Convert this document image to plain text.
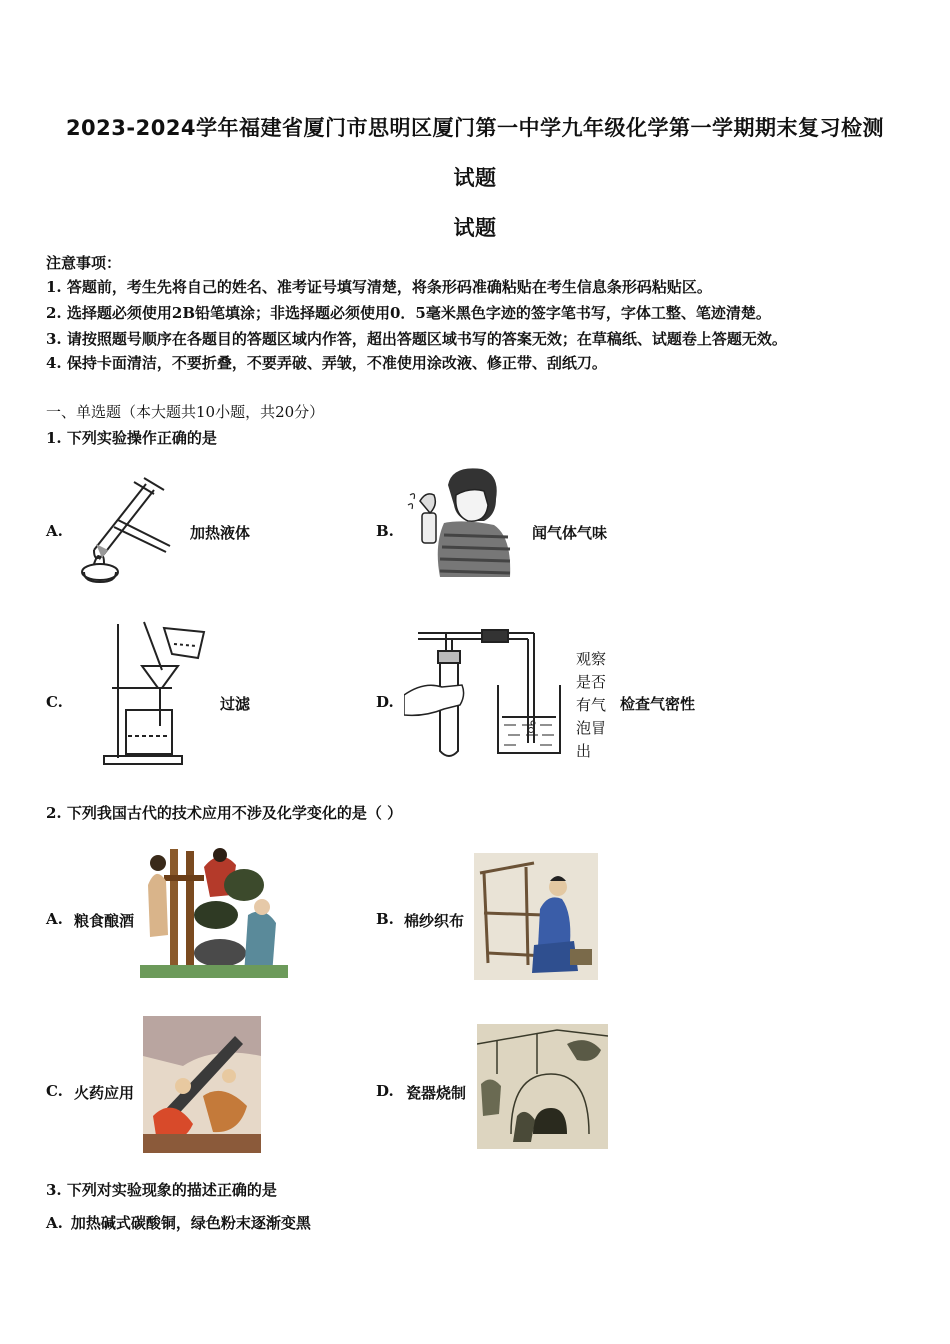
2023-2024学年福建省厦门市思明区厦门第一中学九年级化学第一学期期末复习检测
试题
试题
注意事项：
1. 答题前，考生先将自己的姓名、准考证号填写清楚，将条形码准确粘贴在考生信息条形码粘贴区。
2. 选择题必须使用2B铅笔填涂；非选择题必须使用0．5毫米黑色字迹的签字笔书写，字体工整、笔迹清楚。
3. 请按照题号顺序在各题目的答题区域内作答，超出答题区域书写的答案无效；在草稿纸、试题卷上答题无效。
4. 保持卡面清洁，不要折叠，不要弄破、弄皱，不准使用涂改液、修正带、刮纸刀。
一、单选题（本大题共10小题，共20分）
1. 下列实验操作正确的是
A.	加热液体	B.	闻气体气味
C.	过滤	D.
观察
是否
有气
泡冒
出
检查气密性
2. 下列我国古代的技术应用不涉及化学变化的是（ ）
A. 粮食酿酒	B. 棉纱织布
C. 火药应用	D. 瓷器烧制
3. 下列对实验现象的描述正确的是
A. 加热碱式碳酸铜，绿色粉末逐渐变黑
